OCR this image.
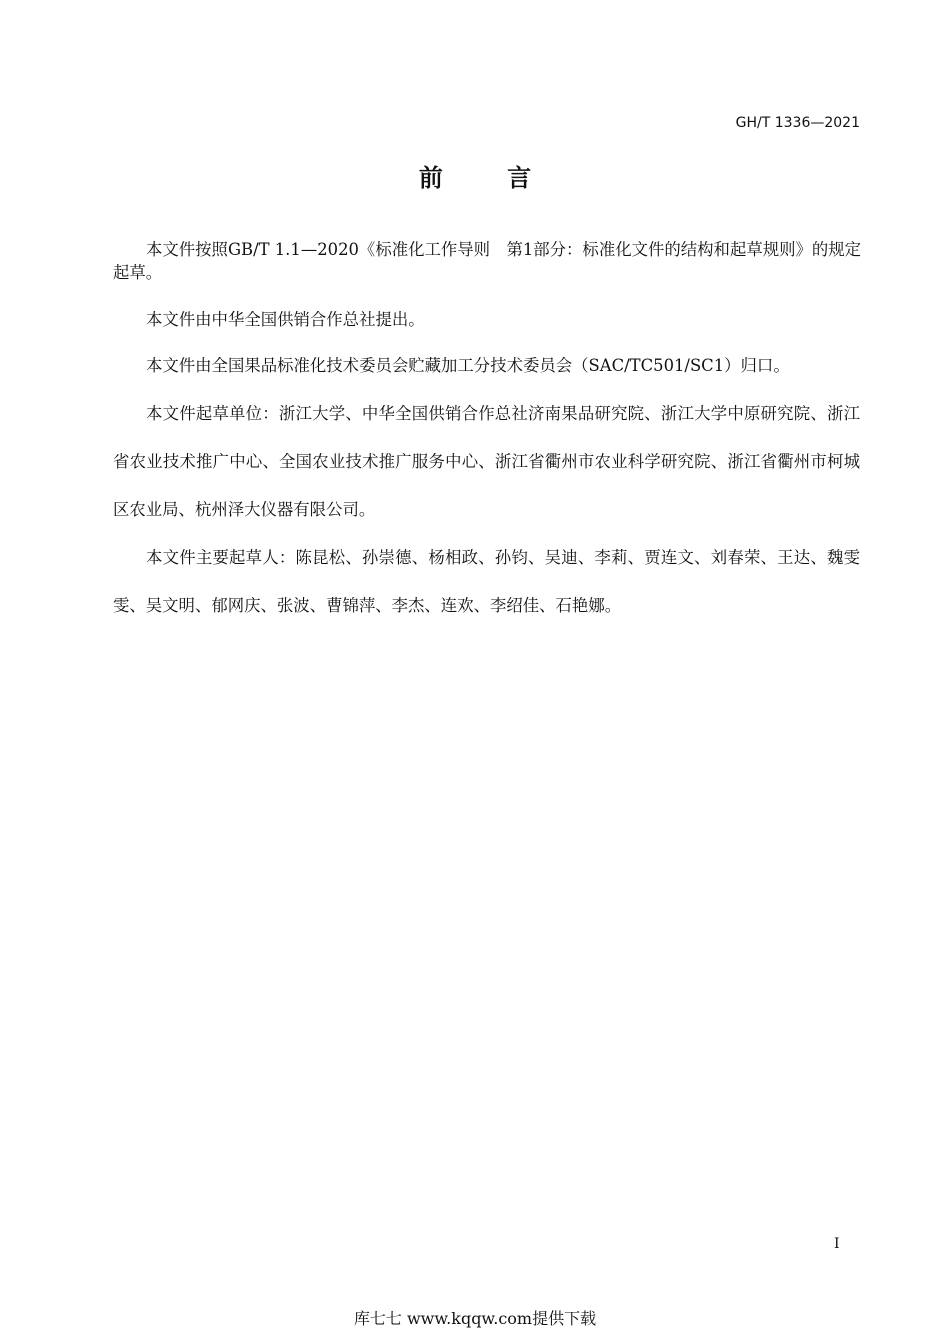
GH/T 1336—2021
前 言
本文件按照GB/T 1.1—2020《标准化工作导则　第1部分：标准化文件的结构和起草规则》的规定
起草。
本文件由中华全国供销合作总社提出。
本文件由全国果品标准化技术委员会贮藏加工分技术委员会（SAC/TC501/SC1）归口。
本文件起草单位：浙江大学、中华全国供销合作总社济南果品研究院、浙江大学中原研究院、浙江
省农业技术推广中心、全国农业技术推广服务中心、浙江省衢州市农业科学研究院、浙江省衢州市柯城
区农业局、杭州泽大仪器有限公司。
本文件主要起草人：陈昆松、孙崇德、杨相政、孙钧、吴迪、李莉、贾连文、刘春荣、王达、魏雯
雯、吴文明、郁网庆、张波、曹锦萍、李杰、连欢、李绍佳、石艳娜。
I
库七七 www.kqqw.com提供下载
